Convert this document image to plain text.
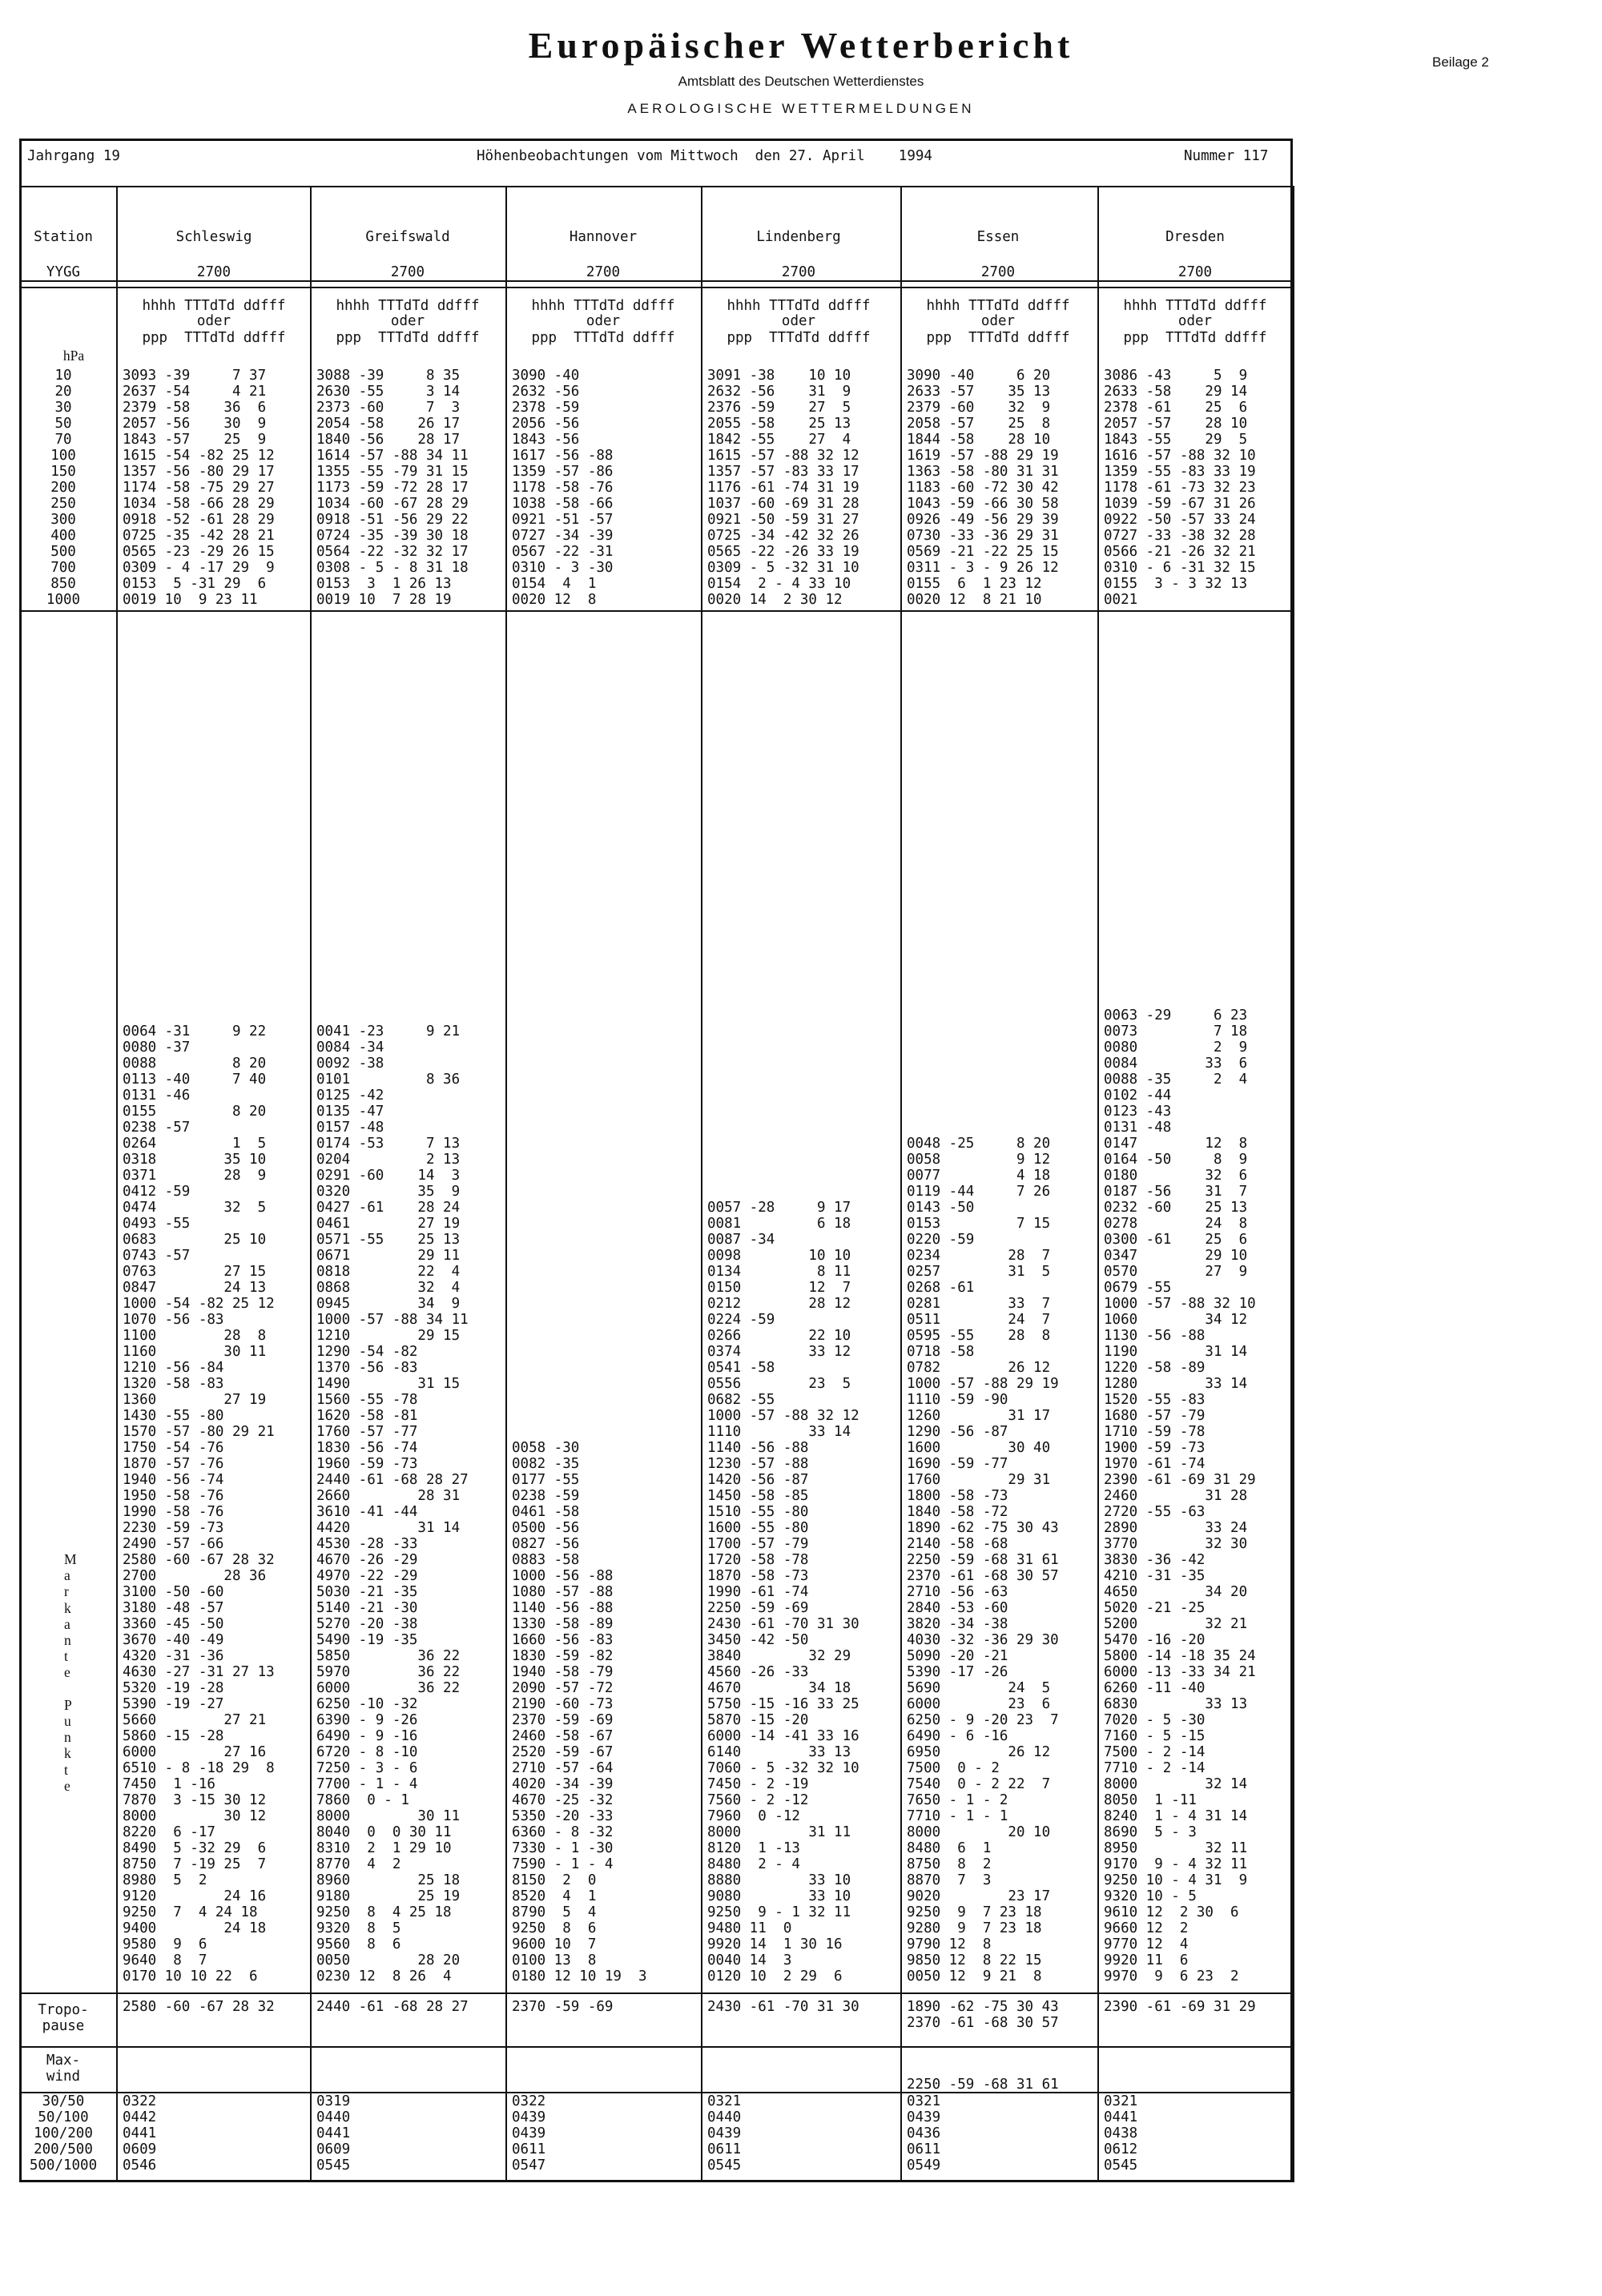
Europäischer Wetterbericht
Amtsblatt des Deutschen Wetterdienstes
AEROLOGISCHE WETTERMELDUNGEN
Beilage 2
Jahrgang 19	Höhenbeobachtungen vom Mittwoch  den 27. April    1994	Nummer 117
Station
YYGG
hPa
10
20
30
50
70
100
150
200
250
300
400
500
700
850
1000
M
a
r
k
a
n
t
e

P
u
n
k
t
e
Tropo-
pause
Max-
wind
30/50
50/100
100/200
200/500
500/1000
Schleswig
2700
hhhh TTTdTd ddfff
oder
ppp  TTTdTd ddfff
3093 -39     7 37
2637 -54     4 21
2379 -58    36  6
2057 -56    30  9
1843 -57    25  9
1615 -54 -82 25 12
1357 -56 -80 29 17
1174 -58 -75 29 27
1034 -58 -66 28 29
0918 -52 -61 28 29
0725 -35 -42 28 21
0565 -23 -29 26 15
0309 - 4 -17 29  9
0153  5 -31 29  6
0019 10  9 23 11
0064 -31     9 22
0080 -37
0088         8 20
0113 -40     7 40
0131 -46
0155         8 20
0238 -57
0264         1  5
0318        35 10
0371        28  9
0412 -59
0474        32  5
0493 -55
0683        25 10
0743 -57
0763        27 15
0847        24 13
1000 -54 -82 25 12
1070 -56 -83
1100        28  8
1160        30 11
1210 -56 -84
1320 -58 -83
1360        27 19
1430 -55 -80
1570 -57 -80 29 21
1750 -54 -76
1870 -57 -76
1940 -56 -74
1950 -58 -76
1990 -58 -76
2230 -59 -73
2490 -57 -66
2580 -60 -67 28 32
2700        28 36
3100 -50 -60
3180 -48 -57
3360 -45 -50
3670 -40 -49
4320 -31 -36
4630 -27 -31 27 13
5320 -19 -28
5390 -19 -27
5660        27 21
5860 -15 -28
6000        27 16
6510 - 8 -18 29  8
7450  1 -16
7870  3 -15 30 12
8000        30 12
8220  6 -17
8490  5 -32 29  6
8750  7 -19 25  7
8980  5  2
9120        24 16
9250  7  4 24 18
9400        24 18
9580  9  6
9640  8  7
0170 10 10 22  6
2580 -60 -67 28 32
0322
0442
0441
0609
0546
Greifswald
2700
hhhh TTTdTd ddfff
oder
ppp  TTTdTd ddfff
3088 -39     8 35
2630 -55     3 14
2373 -60     7  3
2054 -58    26 17
1840 -56    28 17
1614 -57 -88 34 11
1355 -55 -79 31 15
1173 -59 -72 28 17
1034 -60 -67 28 29
0918 -51 -56 29 22
0724 -35 -39 30 18
0564 -22 -32 32 17
0308 - 5 - 8 31 18
0153  3  1 26 13
0019 10  7 28 19
0041 -23     9 21
0084 -34
0092 -38
0101         8 36
0125 -42
0135 -47
0157 -48
0174 -53     7 13
0204         2 13
0291 -60    14  3
0320        35  9
0427 -61    28 24
0461        27 19
0571 -55    25 13
0671        29 11
0818        22  4
0868        32  4
0945        34  9
1000 -57 -88 34 11
1210        29 15
1290 -54 -82
1370 -56 -83
1490        31 15
1560 -55 -78
1620 -58 -81
1760 -57 -77
1830 -56 -74
1960 -59 -73
2440 -61 -68 28 27
2660        28 31
3610 -41 -44
4420        31 14
4530 -28 -33
4670 -26 -29
4970 -22 -29
5030 -21 -35
5140 -21 -30
5270 -20 -38
5490 -19 -35
5850        36 22
5970        36 22
6000        36 22
6250 -10 -32
6390 - 9 -26
6490 - 9 -16
6720 - 8 -10
7250 - 3 - 6
7700 - 1 - 4
7860  0 - 1
8000        30 11
8040  0  0 30 11
8310  2  1 29 10
8770  4  2
8960        25 18
9180        25 19
9250  8  4 25 18
9320  8  5
9560  8  6
0050        28 20
0230 12  8 26  4
2440 -61 -68 28 27
0319
0440
0441
0609
0545
Hannover
2700
hhhh TTTdTd ddfff
oder
ppp  TTTdTd ddfff
3090 -40
2632 -56
2378 -59
2056 -56
1843 -56
1617 -56 -88
1359 -57 -86
1178 -58 -76
1038 -58 -66
0921 -51 -57
0727 -34 -39
0567 -22 -31
0310 - 3 -30
0154  4  1
0020 12  8

0058 -30
0082 -35
0177 -55
0238 -59
0461 -58
0500 -56
0827 -56
0883 -58
1000 -56 -88
1080 -57 -88
1140 -56 -88
1330 -58 -89
1660 -56 -83
1830 -59 -82
1940 -58 -79
2090 -57 -72
2190 -60 -73
2370 -59 -69
2460 -58 -67
2520 -59 -67
2710 -57 -64
4020 -34 -39
4670 -25 -32
5350 -20 -33
6360 - 8 -32
7330 - 1 -30
7590 - 1 - 4
8150  2  0
8520  4  1
8790  5  4
9250  8  6
9600 10  7
0100 13  8
0180 12 10 19  3
2370 -59 -69
0322
0439
0439
0611
0547
Lindenberg
2700
hhhh TTTdTd ddfff
oder
ppp  TTTdTd ddfff
3091 -38    10 10
2632 -56    31  9
2376 -59    27  5
2055 -58    25 13
1842 -55    27  4
1615 -57 -88 32 12
1357 -57 -83 33 17
1176 -61 -74 31 19
1037 -60 -69 31 28
0921 -50 -59 31 27
0725 -34 -42 32 26
0565 -22 -26 33 19
0309 - 5 -32 31 10
0154  2 - 4 33 10
0020 14  2 30 12

0057 -28     9 17
0081         6 18
0087 -34
0098        10 10
0134         8 11
0150        12  7
0212        28 12
0224 -59
0266        22 10
0374        33 12
0541 -58
0556        23  5
0682 -55
1000 -57 -88 32 12
1110        33 14
1140 -56 -88
1230 -57 -88
1420 -56 -87
1450 -58 -85
1510 -55 -80
1600 -55 -80
1700 -57 -79
1720 -58 -78
1870 -58 -73
1990 -61 -74
2250 -59 -69
2430 -61 -70 31 30
3450 -42 -50
3840        32 29
4560 -26 -33
4670        34 18
5750 -15 -16 33 25
5870 -15 -20
6000 -14 -41 33 16
6140        33 13
7060 - 5 -32 32 10
7450 - 2 -19
7560 - 2 -12
7960  0 -12
8000        31 11
8120  1 -13
8480  2 - 4
8880        33 10
9080        33 10
9250  9 - 1 32 11
9480 11  0
9920 14  1 30 16
0040 14  3
0120 10  2 29  6
2430 -61 -70 31 30
0321
0440
0439
0611
0545
Essen
2700
hhhh TTTdTd ddfff
oder
ppp  TTTdTd ddfff
3090 -40     6 20
2633 -57    35 13
2379 -60    32  9
2058 -57    25  8
1844 -58    28 10
1619 -57 -88 29 19
1363 -58 -80 31 31
1183 -60 -72 30 42
1043 -59 -66 30 58
0926 -49 -56 29 39
0730 -33 -36 29 31
0569 -21 -22 25 15
0311 - 3 - 9 26 12
0155  6  1 23 12
0020 12  8 21 10

0048 -25     8 20
0058         9 12
0077         4 18
0119 -44     7 26
0143 -50
0153         7 15
0220 -59
0234        28  7
0257        31  5
0268 -61
0281        33  7
0511        24  7
0595 -55    28  8
0718 -58
0782        26 12
1000 -57 -88 29 19
1110 -59 -90
1260        31 17
1290 -56 -87
1600        30 40
1690 -59 -77
1760        29 31
1800 -58 -73
1840 -58 -72
1890 -62 -75 30 43
2140 -58 -68
2250 -59 -68 31 61
2370 -61 -68 30 57
2710 -56 -63
2840 -53 -60
3820 -34 -38
4030 -32 -36 29 30
5090 -20 -21
5390 -17 -26
5690        24  5
6000        23  6
6250 - 9 -20 23  7
6490 - 6 -16
6950        26 12
7500  0 - 2
7540  0 - 2 22  7
7650 - 1 - 2
7710 - 1 - 1
8000        20 10
8480  6  1
8750  8  2
8870  7  3
9020        23 17
9250  9  7 23 18
9280  9  7 23 18
9790 12  8
9850 12  8 22 15
0050 12  9 21  8
1890 -62 -75 30 43
2370 -61 -68 30 57
2250 -59 -68 31 61
0321
0439
0436
0611
0549
Dresden
2700
hhhh TTTdTd ddfff
oder
ppp  TTTdTd ddfff
3086 -43     5  9
2633 -58    29 14
2378 -61    25  6
2057 -57    28 10
1843 -55    29  5
1616 -57 -88 32 10
1359 -55 -83 33 19
1178 -61 -73 32 23
1039 -59 -67 31 26
0922 -50 -57 33 24
0727 -33 -38 32 28
0566 -21 -26 32 21
0310 - 6 -31 32 15
0155  3 - 3 32 13
0021
0063 -29     6 23
0073         7 18
0080         2  9
0084        33  6
0088 -35     2  4
0102 -44
0123 -43
0131 -48
0147        12  8
0164 -50     8  9
0180        32  6
0187 -56    31  7
0232 -60    25 13
0278        24  8
0300 -61    25  6
0347        29 10
0570        27  9
0679 -55
1000 -57 -88 32 10
1060        34 12
1130 -56 -88
1190        31 14
1220 -58 -89
1280        33 14
1520 -55 -83
1680 -57 -79
1710 -59 -78
1900 -59 -73
1970 -61 -74
2390 -61 -69 31 29
2460        31 28
2720 -55 -63
2890        33 24
3770        32 30
3830 -36 -42
4210 -31 -35
4650        34 20
5020 -21 -25
5200        32 21
5470 -16 -20
5800 -14 -18 35 24
6000 -13 -33 34 21
6260 -11 -40
6830        33 13
7020 - 5 -30
7160 - 5 -15
7500 - 2 -14
7710 - 2 -14
8000        32 14
8050  1 -11
8240  1 - 4 31 14
8690  5 - 3
8950        32 11
9170  9 - 4 32 11
9250 10 - 4 31  9
9320 10 - 5
9610 12  2 30  6
9660 12  2
9770 12  4
9920 11  6
9970  9  6 23  2
2390 -61 -69 31 29
0321
0441
0438
0612
0545
